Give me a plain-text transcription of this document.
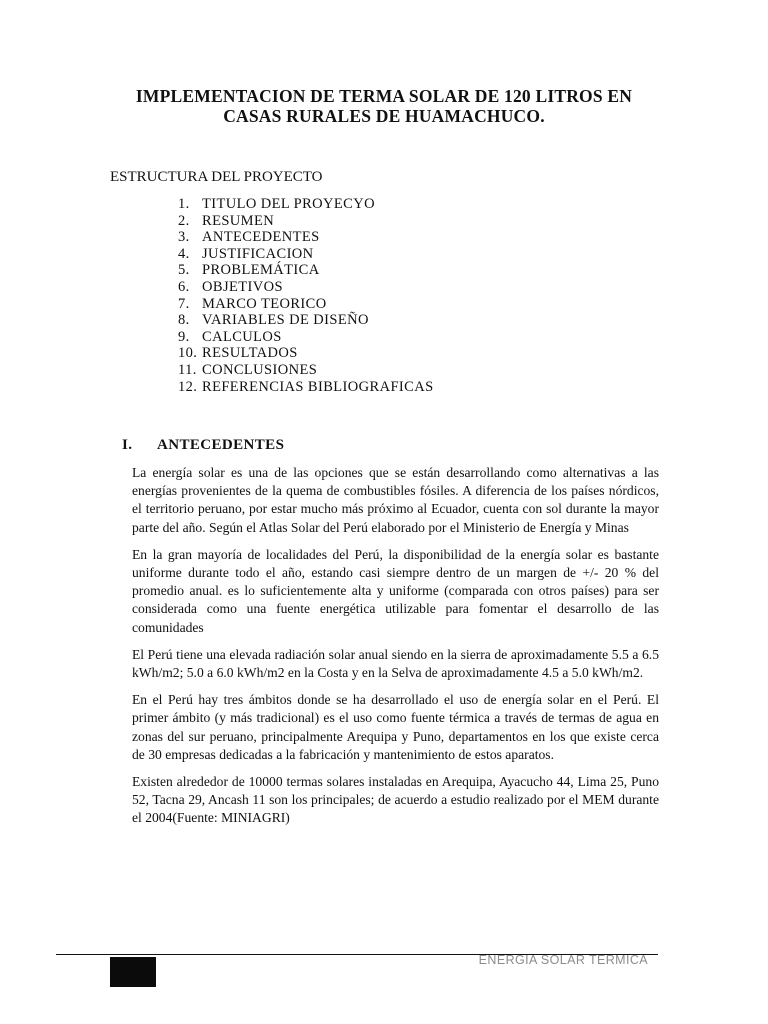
IMPLEMENTACION DE TERMA SOLAR DE 120 LITROS EN
CASAS RURALES DE HUAMACHUCO.
ESTRUCTURA DEL PROYECTO
1. TITULO DEL PROYECYO
2. RESUMEN
3. ANTECEDENTES
4. JUSTIFICACION
5. PROBLEMÁTICA
6. OBJETIVOS
7. MARCO TEORICO
8. VARIABLES DE DISEÑO
9. CALCULOS
10. RESULTADOS
11. CONCLUSIONES
12. REFERENCIAS BIBLIOGRAFICAS
I. ANTECEDENTES

La energía solar es una de las opciones que se están desarrollando como alternativas a las energías provenientes de la quema de combustibles fósiles. A diferencia de los países nórdicos, el territorio peruano, por estar mucho más próximo al Ecuador, cuenta con sol durante la mayor parte del año. Según el Atlas Solar del Perú elaborado por el Ministerio de Energía y Minas

En la gran mayoría de localidades del Perú, la disponibilidad de la energía solar es bastante uniforme durante todo el año, estando casi siempre dentro de un margen de +/- 20 % del promedio anual. es lo suficientemente alta y uniforme (comparada con otros países) para ser considerada como una fuente energética utilizable para fomentar el desarrollo de las comunidades

El Perú tiene una elevada radiación solar anual siendo en la sierra de aproximadamente 5.5 a 6.5 kWh/m2; 5.0 a 6.0 kWh/m2 en la Costa y en la Selva de aproximadamente 4.5 a 5.0 kWh/m2.

En el Perú hay tres ámbitos donde se ha desarrollado el uso de energía solar en el Perú. El primer ámbito (y más tradicional) es el uso como fuente térmica a través de termas de agua en zonas del sur peruano, principalmente Arequipa y Puno, departamentos en los que existe cerca de 30 empresas dedicadas a la fabricación y mantenimiento de estos aparatos.

Existen alrededor de 10000 termas solares instaladas en Arequipa, Ayacucho 44, Lima 25, Puno 52, Tacna 29, Ancash 11 son los principales; de acuerdo a estudio realizado por el MEM durante el 2004(Fuente: MINIAGRI)

ENERGIA SOLAR TERMICA
